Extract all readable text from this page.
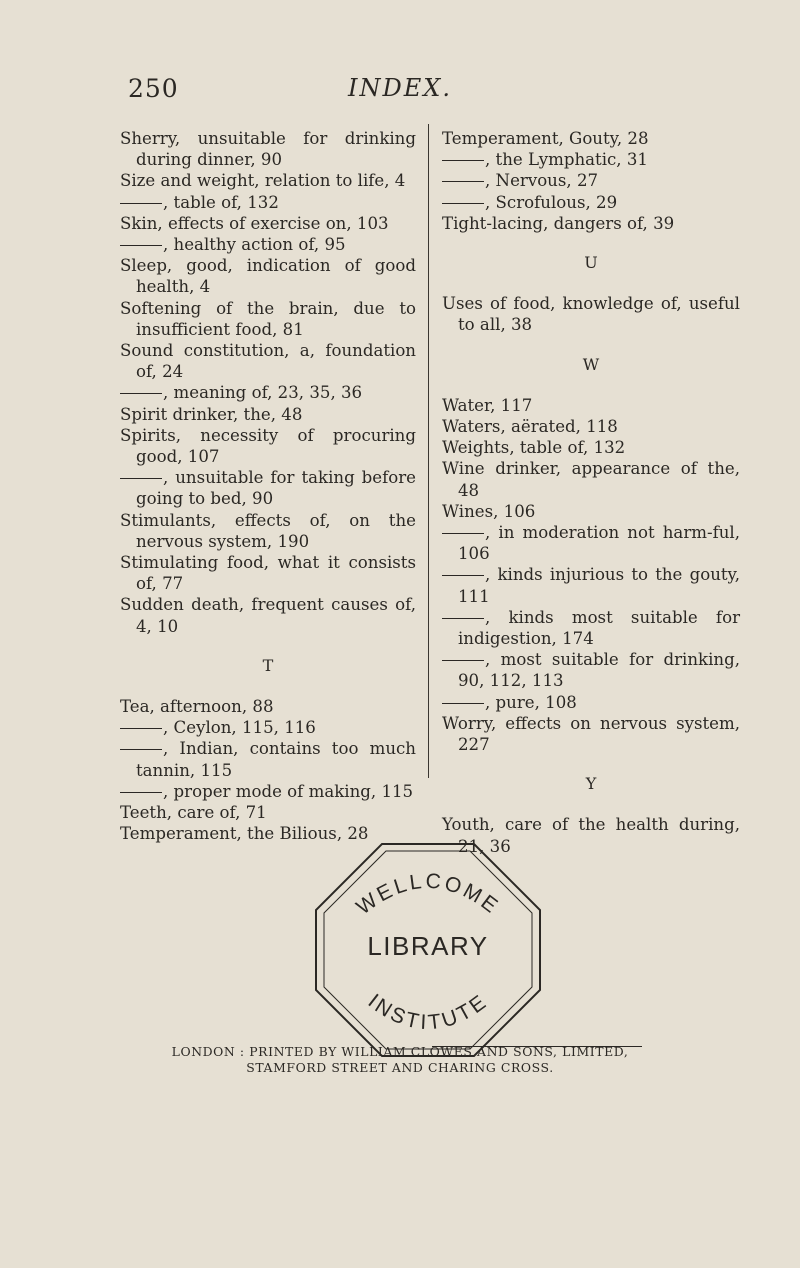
250	INDEX.
Sherry, unsuitable for drinking during dinner, 90
Size and weight, relation to life, 4
, table of, 132
Skin, effects of exercise on, 103
, healthy action of, 95
Sleep, good, indication of good health, 4
Softening of the brain, due to insufficient food, 81
Sound constitution, a, foundation of, 24
, meaning of, 23, 35, 36
Spirit drinker, the, 48
Spirits, necessity of procuring good, 107
, unsuitable for taking before going to bed, 90
Stimulants, effects of, on the nervous system, 190
Stimulating food, what it consists of, 77
Sudden death, frequent causes of, 4, 10
T
Tea, afternoon, 88
, Ceylon, 115, 116
, Indian, contains too much tannin, 115
, proper mode of making, 115
Teeth, care of, 71
Temperament, the Bilious, 28
Temperament, Gouty, 28
, the Lymphatic, 31
, Nervous, 27
, Scrofulous, 29
Tight-lacing, dangers of, 39
U
Uses of food, knowledge of, useful to all, 38
W
Water, 117
Waters, aërated, 118
Weights, table of, 132
Wine drinker, appearance of the, 48
Wines, 106
, in moderation not harm-ful, 106
, kinds injurious to the gouty, 111
, kinds most suitable for indigestion, 174
, most suitable for drinking, 90, 112, 113
, pure, 108
Worry, effects on nervous system, 227
Y
Youth, care of the health during, 21, 36
WELLCOME
LIBRARY
INSTITUTE
LONDON : PRINTED BY WILLIAM CLOWES AND SONS, LIMITED,
STAMFORD STREET AND CHARING CROSS.
